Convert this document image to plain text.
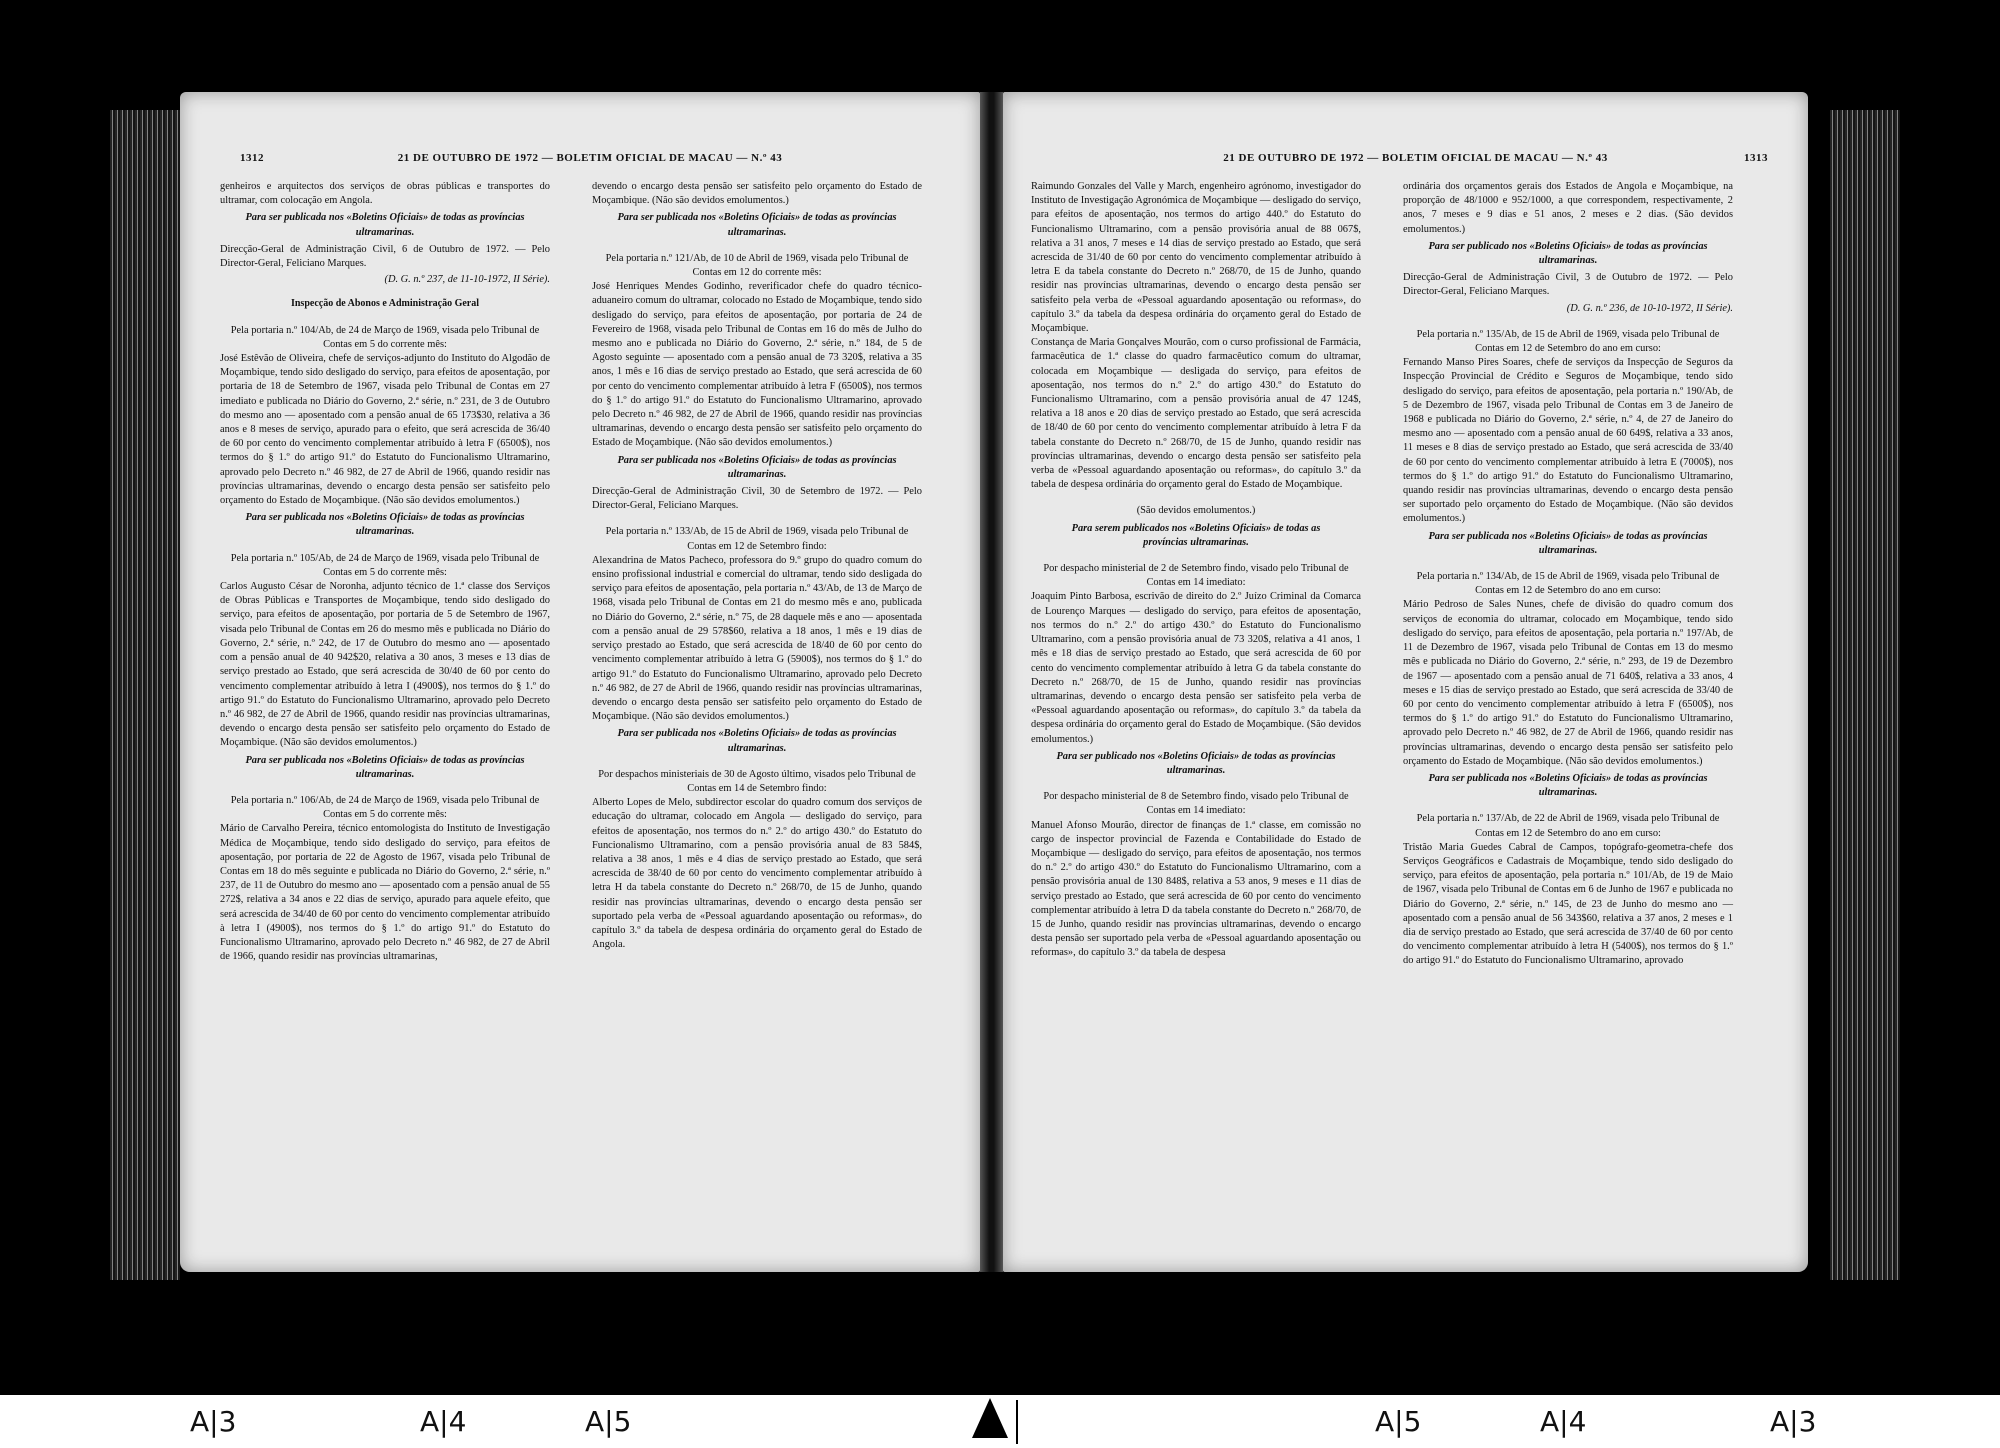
1312	21 DE OUTUBRO DE 1972 — BOLETIM OFICIAL DE MACAU — N.º 43

genheiros e arquitectos dos serviços de obras públicas e transportes do ultramar, com colocação em Angola.

Para ser publicada nos «Boletins Oficiais» de todas as províncias ultramarinas.

Direcção-Geral de Administração Civil, 6 de Outubro de 1972. — Pelo Director-Geral, Feliciano Marques.

(D. G. n.º 237, de 11-10-1972, II Série).

Inspecção de Abonos e Administração Geral

Pela portaria n.º 104/Ab, de 24 de Março de 1969, visada pelo Tribunal de Contas em 5 do corrente mês:

José Estêvão de Oliveira, chefe de serviços-adjunto do Instituto do Algodão de Moçambique, tendo sido desligado do serviço, para efeitos de aposentação, por portaria de 18 de Setembro de 1967, visada pelo Tribunal de Contas em 27 imediato e publicada no Diário do Governo, 2.ª série, n.º 231, de 3 de Outubro do mesmo ano — aposentado com a pensão anual de 65 173$30, relativa a 36 anos e 8 meses de serviço, apurado para o efeito, que será acrescida de 36/40 de 60 por cento do vencimento complementar atribuído à letra F (6500$), nos termos do § 1.º do artigo 91.º do Estatuto do Funcionalismo Ultramarino, aprovado pelo Decreto n.º 46 982, de 27 de Abril de 1966, quando residir nas províncias ultramarinas, devendo o encargo desta pensão ser satisfeito pelo orçamento do Estado de Moçambique. (Não são devidos emolumentos.)

Para ser publicada nos «Boletins Oficiais» de todas as províncias ultramarinas.

Pela portaria n.º 105/Ab, de 24 de Março de 1969, visada pelo Tribunal de Contas em 5 do corrente mês:

Carlos Augusto César de Noronha, adjunto técnico de 1.ª classe dos Serviços de Obras Públicas e Transportes de Moçambique, tendo sido desligado do serviço, para efeitos de aposentação, por portaria de 5 de Setembro de 1967, visada pelo Tribunal de Contas em 26 do mesmo mês e publicada no Diário do Governo, 2.ª série, n.º 242, de 17 de Outubro do mesmo ano — aposentado com a pensão anual de 40 942$20, relativa a 30 anos, 3 meses e 13 dias de serviço prestado ao Estado, que será acrescida de 30/40 de 60 por cento do vencimento complementar atribuído à letra I (4900$), nos termos do § 1.º do artigo 91.º do Estatuto do Funcionalismo Ultramarino, aprovado pelo Decreto n.º 46 982, de 27 de Abril de 1966, quando residir nas províncias ultramarinas, devendo o encargo desta pensão ser satisfeito pelo orçamento do Estado de Moçambique. (Não são devidos emolumentos.)

Para ser publicada nos «Boletins Oficiais» de todas as províncias ultramarinas.

Pela portaria n.º 106/Ab, de 24 de Março de 1969, visada pelo Tribunal de Contas em 5 do corrente mês:

Mário de Carvalho Pereira, técnico entomologista do Instituto de Investigação Médica de Moçambique, tendo sido desligado do serviço, para efeitos de aposentação, por portaria de 22 de Agosto de 1967, visada pelo Tribunal de Contas em 18 do mês seguinte e publicada no Diário do Governo, 2.ª série, n.º 237, de 11 de Outubro do mesmo ano — aposentado com a pensão anual de 55 272$, relativa a 34 anos e 22 dias de serviço, apurado para aquele efeito, que será acrescida de 34/40 de 60 por cento do vencimento complementar atribuído à letra I (4900$), nos termos do § 1.º do artigo 91.º do Estatuto do Funcionalismo Ultramarino, aprovado pelo Decreto n.º 46 982, de 27 de Abril de 1966, quando residir nas províncias ultramarinas,

devendo o encargo desta pensão ser satisfeito pelo orçamento do Estado de Moçambique. (Não são devidos emolumentos.)

Para ser publicada nos «Boletins Oficiais» de todas as províncias ultramarinas.

Pela portaria n.º 121/Ab, de 10 de Abril de 1969, visada pelo Tribunal de Contas em 12 do corrente mês:

José Henriques Mendes Godinho, reverificador chefe do quadro técnico-aduaneiro comum do ultramar, colocado no Estado de Moçambique, tendo sido desligado do serviço, para efeitos de aposentação, por portaria de 24 de Fevereiro de 1968, visada pelo Tribunal de Contas em 16 do mês de Julho do mesmo ano e publicada no Diário do Governo, 2.ª série, n.º 184, de 5 de Agosto seguinte — aposentado com a pensão anual de 73 320$, relativa a 35 anos, 1 mês e 16 dias de serviço prestado ao Estado, que será acrescida de 60 por cento do vencimento complementar atribuído à letra F (6500$), nos termos do § 1.º do artigo 91.º do Estatuto do Funcionalismo Ultramarino, aprovado pelo Decreto n.º 46 982, de 27 de Abril de 1966, quando residir nas províncias ultramarinas, devendo o encargo desta pensão ser satisfeito pelo orçamento do Estado de Moçambique. (Não são devidos emolumentos.)

Para ser publicada nos «Boletins Oficiais» de todas as províncias ultramarinas.

Direcção-Geral de Administração Civil, 30 de Setembro de 1972. — Pelo Director-Geral, Feliciano Marques.

Pela portaria n.º 133/Ab, de 15 de Abril de 1969, visada pelo Tribunal de Contas em 12 de Setembro findo:

Alexandrina de Matos Pacheco, professora do 9.º grupo do quadro comum do ensino profissional industrial e comercial do ultramar, tendo sido desligada do serviço para efeitos de aposentação, pela portaria n.º 43/Ab, de 13 de Março de 1968, visada pelo Tribunal de Contas em 21 do mesmo mês e ano, publicada no Diário do Governo, 2.ª série, n.º 75, de 28 daquele mês e ano — aposentada com a pensão anual de 29 578$60, relativa a 18 anos, 1 mês e 19 dias de serviço prestado ao Estado, que será acrescida de 18/40 de 60 por cento do vencimento complementar atribuído à letra G (5900$), nos termos do § 1.º do artigo 91.º do Estatuto do Funcionalismo Ultramarino, aprovado pelo Decreto n.º 46 982, de 27 de Abril de 1966, quando residir nas províncias ultramarinas, devendo o encargo desta pensão ser satisfeito pelo orçamento do Estado de Moçambique. (Não são devidos emolumentos.)

Para ser publicada nos «Boletins Oficiais» de todas as províncias ultramarinas.

Por despachos ministeriais de 30 de Agosto último, visados pelo Tribunal de Contas em 14 de Setembro findo:

Alberto Lopes de Melo, subdirector escolar do quadro comum dos serviços de educação do ultramar, colocado em Angola — desligado do serviço, para efeitos de aposentação, nos termos do n.º 2.º do artigo 430.º do Estatuto do Funcionalismo Ultramarino, com a pensão provisória anual de 83 584$, relativa a 38 anos, 1 mês e 4 dias de serviço prestado ao Estado, que será acrescida de 38/40 de 60 por cento do vencimento complementar atribuído à letra H da tabela constante do Decreto n.º 268/70, de 15 de Junho, quando residir nas províncias ultramarinas, devendo o encargo desta pensão ser suportado pela verba de «Pessoal aguardando aposentação ou reformas», do capítulo 3.º da tabela de despesa ordinária do orçamento geral do Estado de Angola.

21 DE OUTUBRO DE 1972 — BOLETIM OFICIAL DE MACAU — N.º 43	1313

Raimundo Gonzales del Valle y March, engenheiro agrónomo, investigador do Instituto de Investigação Agronómica de Moçambique — desligado do serviço, para efeitos de aposentação, nos termos do artigo 440.º do Estatuto do Funcionalismo Ultramarino, com a pensão provisória anual de 88 067$, relativa a 31 anos, 7 meses e 14 dias de serviço prestado ao Estado, que será acrescida de 31/40 de 60 por cento do vencimento complementar atribuído à letra E da tabela constante do Decreto n.º 268/70, de 15 de Junho, quando residir nas províncias ultramarinas, devendo o encargo desta pensão ser satisfeito pela verba de «Pessoal aguardando aposentação ou reformas», do capítulo 3.º da tabela da despesa ordinária do orçamento geral do Estado de Moçambique.

Constança de Maria Gonçalves Mourão, com o curso profissional de Farmácia, farmacêutica de 1.ª classe do quadro farmacêutico comum do ultramar, colocada em Moçambique — desligada do serviço, para efeitos de aposentação, nos termos do n.º 2.º do artigo 430.º do Estatuto do Funcionalismo Ultramarino, com a pensão provisória anual de 47 124$, relativa a 18 anos e 20 dias de serviço prestado ao Estado, que será acrescida de 18/40 de 60 por cento do vencimento complementar atribuído à letra F da tabela constante do Decreto n.º 268/70, de 15 de Junho, quando residir nas províncias ultramarinas, devendo o encargo desta pensão ser satisfeito pela verba de «Pessoal aguardando aposentação ou reformas», do capítulo 3.º da tabela de despesa ordinária do orçamento geral do Estado de Moçambique.

(São devidos emolumentos.)

Para serem publicados nos «Boletins Oficiais» de todas as províncias ultramarinas.

Por despacho ministerial de 2 de Setembro findo, visado pelo Tribunal de Contas em 14 imediato:

Joaquim Pinto Barbosa, escrivão de direito do 2.º Juízo Criminal da Comarca de Lourenço Marques — desligado do serviço, para efeitos de aposentação, nos termos do n.º 2.º do artigo 430.º do Estatuto do Funcionalismo Ultramarino, com a pensão provisória anual de 73 320$, relativa a 41 anos, 1 mês e 18 dias de serviço prestado ao Estado, que será acrescida de 60 por cento do vencimento complementar atribuído à letra G da tabela constante do Decreto n.º 268/70, de 15 de Junho, quando residir nas províncias ultramarinas, devendo o encargo desta pensão ser satisfeito pela verba de «Pessoal aguardando aposentação ou reformas», do capítulo 3.º da tabela da despesa ordinária do orçamento geral do Estado de Moçambique. (São devidos emolumentos.)

Para ser publicado nos «Boletins Oficiais» de todas as províncias ultramarinas.

Por despacho ministerial de 8 de Setembro findo, visado pelo Tribunal de Contas em 14 imediato:

Manuel Afonso Mourão, director de finanças de 1.ª classe, em comissão no cargo de inspector provincial de Fazenda e Contabilidade do Estado de Moçambique — desligado do serviço, para efeitos de aposentação, nos termos do n.º 2.º do artigo 430.º do Estatuto do Funcionalismo Ultramarino, com a pensão provisória anual de 130 848$, relativa a 53 anos, 9 meses e 11 dias de serviço prestado ao Estado, que será acrescida de 60 por cento do vencimento complementar atribuído à letra D da tabela constante do Decreto n.º 268/70, de 15 de Junho, quando residir nas províncias ultramarinas, devendo o encargo desta pensão ser suportado pela verba de «Pessoal aguardando aposentação ou reformas», do capítulo 3.º da tabela de despesa

ordinária dos orçamentos gerais dos Estados de Angola e Moçambique, na proporção de 48/1000 e 952/1000, a que correspondem, respectivamente, 2 anos, 7 meses e 9 dias e 51 anos, 2 meses e 2 dias. (São devidos emolumentos.)

Para ser publicado nos «Boletins Oficiais» de todas as províncias ultramarinas.

Direcção-Geral de Administração Civil, 3 de Outubro de 1972. — Pelo Director-Geral, Feliciano Marques.

(D. G. n.º 236, de 10-10-1972, II Série).

Pela portaria n.º 135/Ab, de 15 de Abril de 1969, visada pelo Tribunal de Contas em 12 de Setembro do ano em curso:

Fernando Manso Pires Soares, chefe de serviços da Inspecção de Seguros da Inspecção Provincial de Crédito e Seguros de Moçambique, tendo sido desligado do serviço, para efeitos de aposentação, pela portaria n.º 190/Ab, de 5 de Dezembro de 1967, visada pelo Tribunal de Contas em 3 de Janeiro de 1968 e publicada no Diário do Governo, 2.ª série, n.º 4, de 27 de Janeiro do mesmo ano — aposentado com a pensão anual de 60 649$, relativa a 33 anos, 11 meses e 8 dias de serviço prestado ao Estado, que será acrescida de 33/40 de 60 por cento do vencimento complementar atribuído à letra E (7000$), nos termos do § 1.º do artigo 91.º do Estatuto do Funcionalismo Ultramarino, quando residir nas províncias ultramarinas, devendo o encargo desta pensão ser suportado pelo orçamento do Estado de Moçambique. (Não são devidos emolumentos.)

Para ser publicada nos «Boletins Oficiais» de todas as províncias ultramarinas.

Pela portaria n.º 134/Ab, de 15 de Abril de 1969, visada pelo Tribunal de Contas em 12 de Setembro do ano em curso:

Mário Pedroso de Sales Nunes, chefe de divisão do quadro comum dos serviços de economia do ultramar, colocado em Moçambique, tendo sido desligado do serviço, para efeitos de aposentação, pela portaria n.º 197/Ab, de 11 de Dezembro de 1967, visada pelo Tribunal de Contas em 13 do mesmo mês e publicada no Diário do Governo, 2.ª série, n.º 293, de 19 de Dezembro de 1967 — aposentado com a pensão anual de 71 640$, relativa a 33 anos, 4 meses e 15 dias de serviço prestado ao Estado, que será acrescida de 33/40 de 60 por cento do vencimento complementar atribuído à letra F (6500$), nos termos do § 1.º do artigo 91.º do Estatuto do Funcionalismo Ultramarino, aprovado pelo Decreto n.º 46 982, de 27 de Abril de 1966, quando residir nas províncias ultramarinas, devendo o encargo desta pensão ser satisfeito pelo orçamento do Estado de Moçambique. (Não são devidos emolumentos.)

Para ser publicada nos «Boletins Oficiais» de todas as províncias ultramarinas.

Pela portaria n.º 137/Ab, de 22 de Abril de 1969, visada pelo Tribunal de Contas em 12 de Setembro do ano em curso:

Tristão Maria Guedes Cabral de Campos, topógrafo-geometra-chefe dos Serviços Geográficos e Cadastrais de Moçambique, tendo sido desligado do serviço, para efeitos de aposentação, pela portaria n.º 101/Ab, de 19 de Maio de 1967, visada pelo Tribunal de Contas em 6 de Junho de 1967 e publicada no Diário do Governo, 2.ª série, n.º 145, de 23 de Junho do mesmo ano — aposentado com a pensão anual de 56 343$60, relativa a 37 anos, 2 meses e 1 dia de serviço prestado ao Estado, que será acrescida de 37/40 de 60 por cento do vencimento complementar atribuído à letra H (5400$), nos termos do § 1.º do artigo 91.º do Estatuto do Funcionalismo Ultramarino, aprovado

A|3	A|4	A|5	A|5	A|4	A|3
